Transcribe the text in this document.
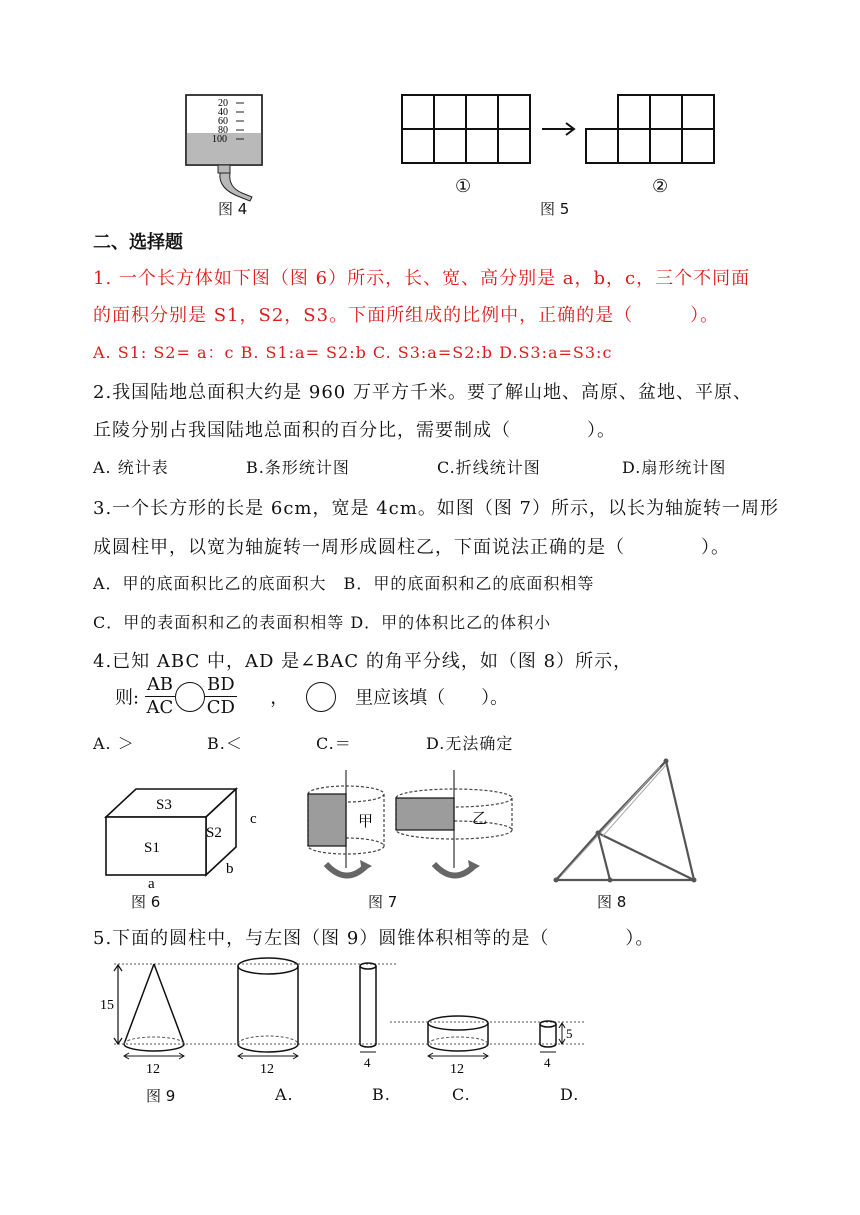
20
40
60
80
100
图 4
①	②
图 5
二、选择题
1. 一个长方体如下图（图 6）所示，长、宽、高分别是 a，b，c，三个不同面
的面积分别是 S1，S2，S3。下面所组成的比例中，正确的是（　　　）。
A. S1: S2= a：c B. S1:a= S2:b C. S3:a=S2:b D.S3:a=S3:c
2.我国陆地总面积大约是 960 万平方千米。要了解山地、高原、盆地、平原、
丘陵分别占我国陆地总面积的百分比，需要制成（　　　　）。
A. 统计表	B.条形统计图	C.折线统计图	D.扇形统计图
3.一个长方形的长是 6cm，宽是 4cm。如图（图 7）所示，以长为轴旋转一周形
成圆柱甲，以宽为轴旋转一周形成圆柱乙，下面说法正确的是（　　　　）。
A．甲的底面积比乙的底面积大　B．甲的底面积和乙的底面积相等
C．甲的表面积和乙的表面积相等 D．甲的体积比乙的体积小
4.已知 ABC 中，AD 是∠BAC 的角平分线，如（图 8）所示，
则: $\frac{AB}{AC} \frac{BD}{CD}$ ，	里应该填（　　）。
A. ＞	B.＜	C.＝	D.无法确定
S3
S1
S2
c
b
a
图 6
甲	乙
图 7	图 8
5.下面的圆柱中，与左图（图 9）圆锥体积相等的是（　　　　）。
15
12	12	4	12
5
4
图 9	A.	B.	C.	D.
